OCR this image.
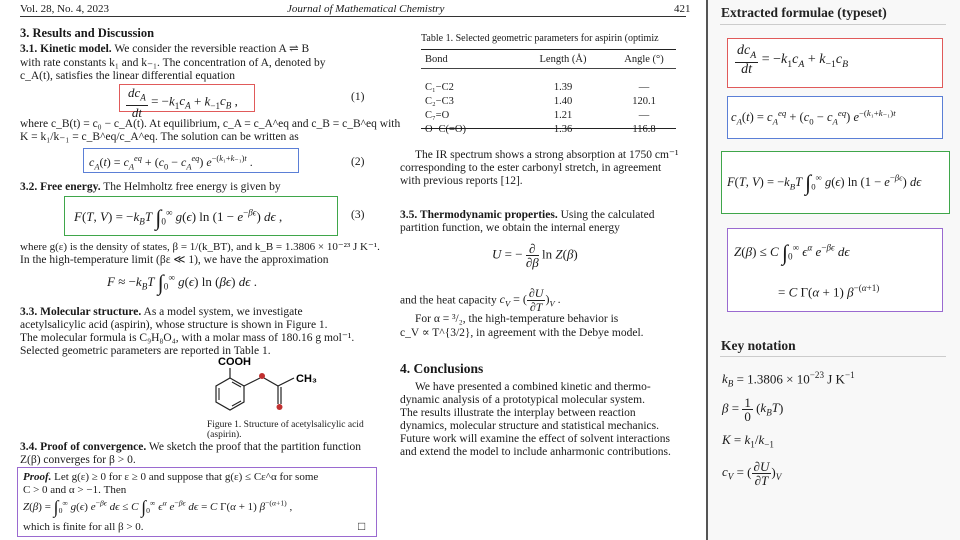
Vol. 28, No. 4, 2023	Journal of Mathematical Chemistry	421
3. Results and Discussion
3.1. Kinetic model. We consider the reversible reaction A ⇌ B
with rate constants k₁ and k₋₁. The concentration of A, denoted by
c_A(t), satisfies the linear differential equation
$\frac{dc_A}{dt} = -k_1c_A + k_{-1}c_B$ ,	(1)
where c_B(t) = c₀ − c_A(t). At equilibrium, c_A = c_A^eq and c_B = c_B^eq with
K = k₁/k₋₁ = c_B^eq/c_A^eq. The solution can be written as
$c_A(t) = c_A^{eq} + (c_0 - c_A^{eq})$ $e^{-(k_1+k_{-1})t}$ .	(2)
3.2. Free energy. The Helmholtz free energy is given by
F(T, $V) = -k_BT$ $\int_0^\infty$ g(ϵ) $\ln (1 - e^{-\beta\epsilon})$ dϵ ,	(3)
where g(ε) is the density of states, β = 1/(k_BT), and k_B = 1.3806 × 10⁻²³ J K⁻¹.
In the high-temperature limit (βε ≪ 1), we have the approximation
$F \approx -k_BT$ $\int_0^\infty$ g(ϵ) ln (βϵ) dϵ .
3.3. Molecular structure. As a model system, we investigate
acetylsalicylic acid (aspirin), whose structure is shown in Figure 1.
The molecular formula is C₉H₈O₄, with a molar mass of 180.16 g mol⁻¹.
Selected geometric parameters are reported in Table 1.
COOH
CH₃
Figure 1. Structure of acetylsalicylic acid
(aspirin).
3.4. Proof of convergence. We sketch the proof that the partition function
Z(β) converges for β > 0.
Proof. Let g(ε) ≥ 0 for ε ≥ 0 and suppose that g(ε) ≤ Cε^α for some
C > 0 and α > −1. Then
$Z(\beta) = \int_0^\infty$ g(ϵ) $e^{-\beta\epsilon}$ dϵ ≤ C $\int_0^\infty$ $\epsilon^\alpha$ $e^{-\beta\epsilon}$ dϵ = C Γ(α + 1) $\beta^{-(\alpha+1)}$ ,
which is finite for all β > 0.	□
Table 1. Selected geometric parameters for aspirin (optimiz
Bond	Length (Å)	Angle (°)

C₁−C2	1.39	—
C₂−C3	1.40	120.1
C₇=O	1.21	—
O−C(=O)	1.36	116.8
The IR spectrum shows a strong absorption at 1750 cm⁻¹
corresponding to the ester carbonyl stretch, in agreement
with previous reports [12].
3.5. Thermodynamic properties. Using the calculated
partition function, we obtain the internal energy
U = − $\frac{\partial}{\partial\beta}$ ln Z(β)
and the heat capacity $c_V$ = ( $\frac{\partial U}{\partial T} )_V$ .
For α = ³/₂, the high-temperature behavior is
c_V ∝ T^{3/2}, in agreement with the Debye model.
4. Conclusions
We have presented a combined kinetic and thermo-
dynamic analysis of a prototypical molecular system.
The results illustrate the interplay between reaction
dynamics, molecular structure and statistical mechanics.
Future work will examine the effect of solvent interactions
and extend the model to include anharmonic contributions.
Extracted formulae (typeset)
$\frac{dc_A}{dt} = -k_1c_A + k_{-1}c_B$
$c_A(t) = c_A^{eq} + (c_0 - c_A^{eq})$ $e^{-(k_1+k_{-1})t}$
F(T, $V) = -k_BT$ $\int_0^\infty$ g(ϵ) $\ln (1 - e^{-\beta\epsilon})$ dϵ
Z(β) ≤ C $\int_0^\infty$ $\epsilon^\alpha$ $e^{-\beta\epsilon}$ dϵ
= C Γ(α + 1) $\beta^{-(\alpha+1)}$
Key notation
$k_B = 1.3806 \times 10^{-23}$ J $K^{-1}$
$\beta = \frac{1}{0} (k_BT)$
$K = k_1/k_{-1}$
$c_V$ = ( $\frac{\partial U}{\partial T} )_V$
